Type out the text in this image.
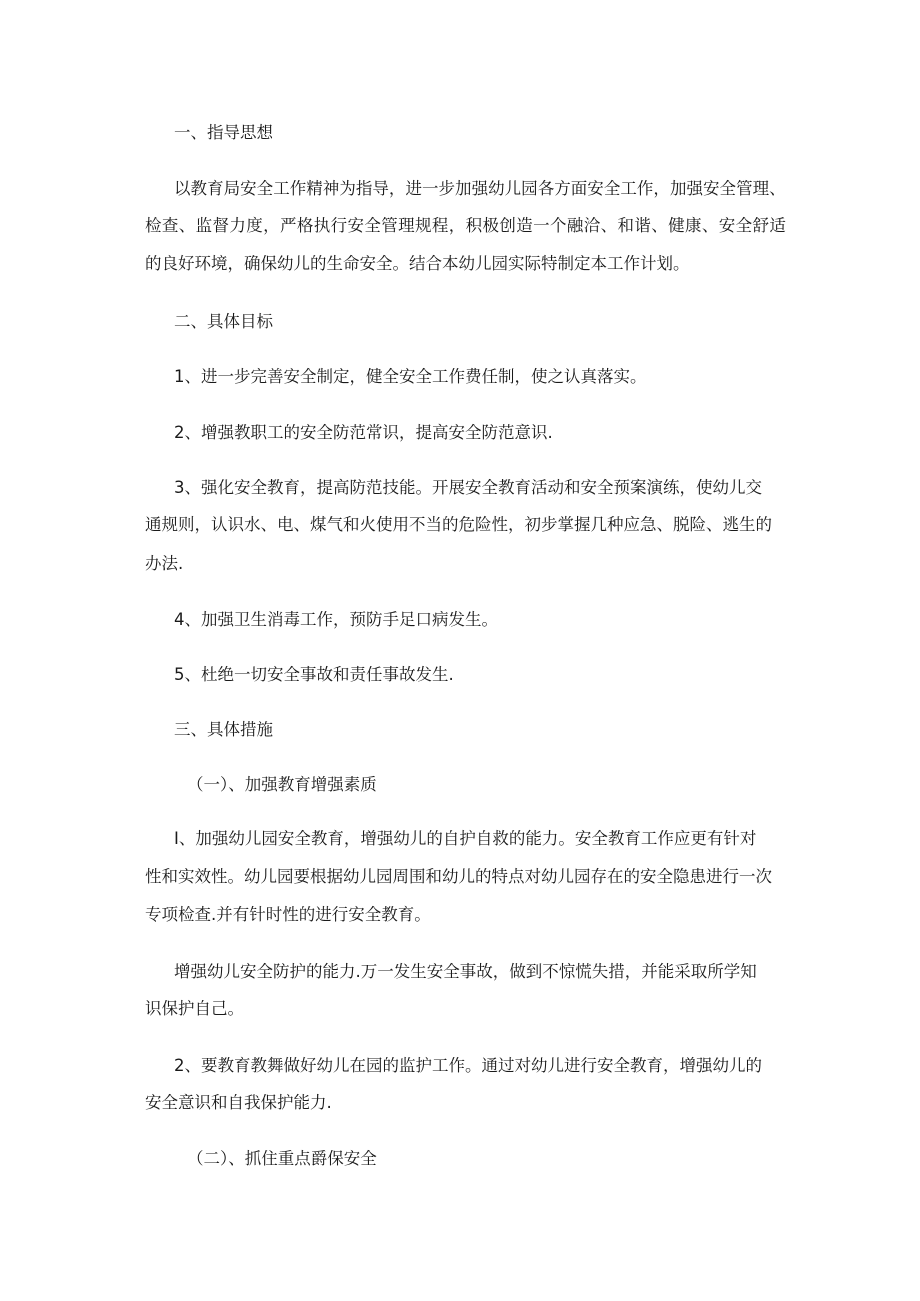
一、指导思想

以 教 育 局 安 全 工 作 精 神 为 指 导 ， 进 一 步 加 强 幼 儿 园 各 方 面 安 全 工 作 ， 加 强 安 全 管 理 、

检 查 、 监 督 力 度 ， 严 格 执 行 安 全 管 理 规 程 ， 积 极 创 造 一 个 融 洽 、 和 谐 、 健 康 、 安 全 舒 适

的良好环境，确保幼儿的生命安全。结合本幼儿园实际特制定本工作计划。

二、具体目标

1、进一步完善安全制定，健全安全工作费任制，使之认真落实。

2、增强教职工的安全防范常识，提高安全防范意识.

3、强化安全教育，提高防范技能。开展安全教育活动和安全预案演练，使幼儿交

通规则，认识水、电、煤气和火使用不当的危险性，初步掌握几种应急、脱险、逃生的

办法.

4、加强卫生消毒工作，预防手足口病发生。

5、杜绝一切安全事故和责任事故发生.

三、具体措施

（一）、加强教育增强素质

I、加强幼儿园安全教育，增强幼儿的自护自救的能力。安全教育工作应更有针对

性和实效性。幼儿园要根据幼儿园周围和幼儿的特点对幼儿园存在的安全隐患进行一次

专项检查.并有针时性的进行安全教育。

增强幼儿安全防护的能力.万一发生安全事故，做到不惊慌失措，并能采取所学知

识保护自己。

2、要教育教舞做好幼儿在园的监护工作。通过对幼儿进行安全教育，增强幼儿的

安全意识和自我保护能力.

（二）、抓住重点爵保安全
